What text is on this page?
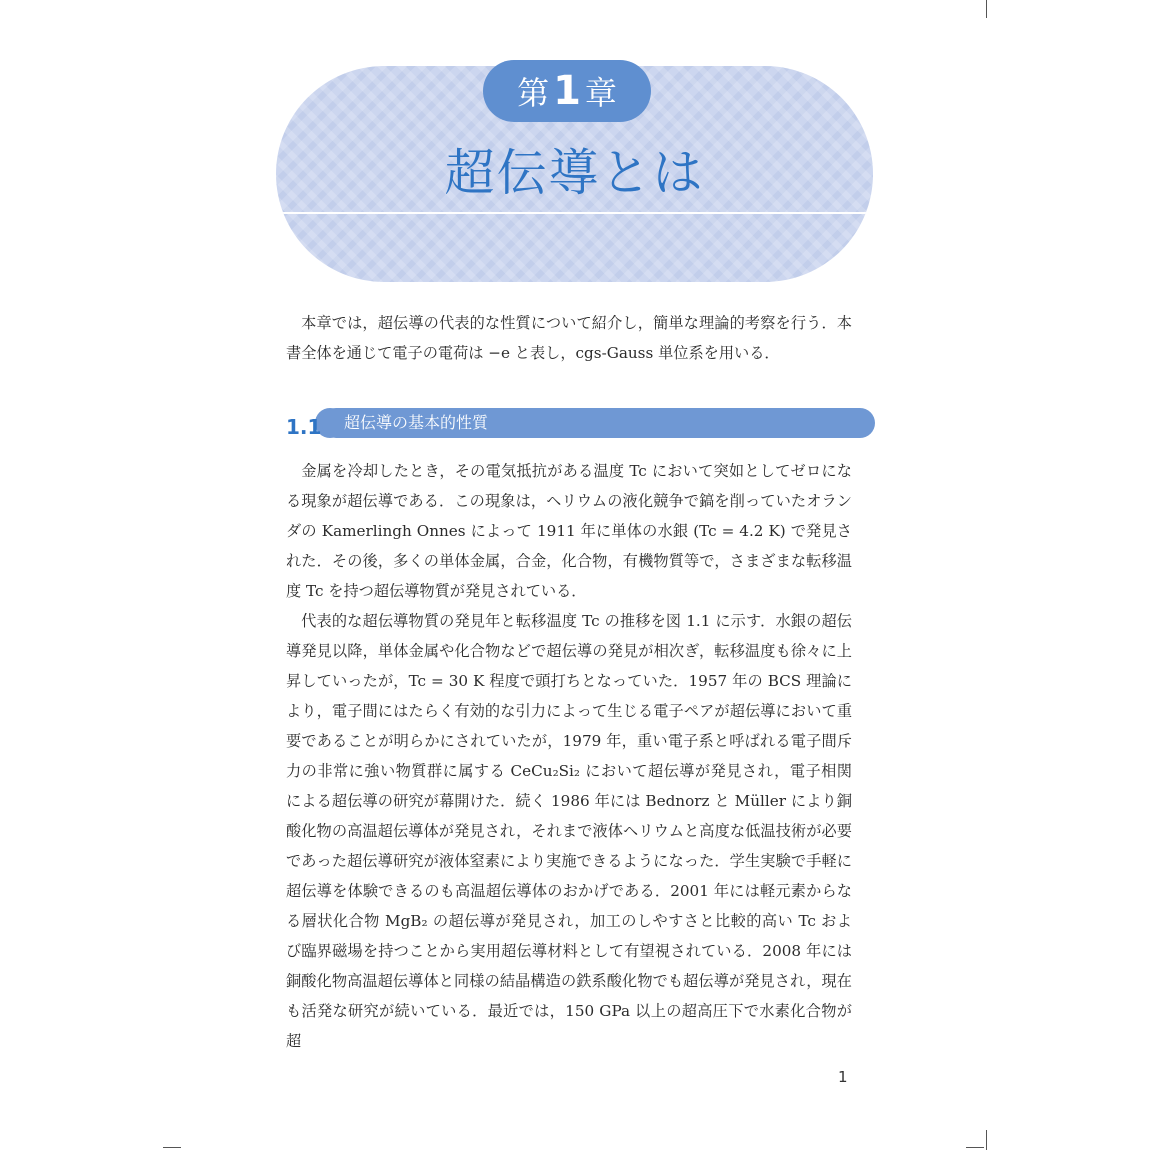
第 1 章
超伝導とは
本章では，超伝導の代表的な性質について紹介し，簡単な理論的考察を行う．本書全体を通じて電子の電荷は −e と表し，cgs-Gauss 単位系を用いる．
1.1 超伝導の基本的性質
金属を冷却したとき，その電気抵抗がある温度 Tc において突如としてゼロになる現象が超伝導である．この現象は，ヘリウムの液化競争で鎬を削っていたオランダの Kamerlingh Onnes によって 1911 年に単体の水銀 (Tc = 4.2 K) で発見された．その後，多くの単体金属，合金，化合物，有機物質等で，さまざまな転移温度 Tc を持つ超伝導物質が発見されている．
代表的な超伝導物質の発見年と転移温度 Tc の推移を図 1.1 に示す．水銀の超伝導発見以降，単体金属や化合物などで超伝導の発見が相次ぎ，転移温度も徐々に上昇していったが，Tc = 30 K 程度で頭打ちとなっていた．1957 年の BCS 理論により，電子間にはたらく有効的な引力によって生じる電子ペアが超伝導において重要であることが明らかにされていたが，1979 年，重い電子系と呼ばれる電子間斥力の非常に強い物質群に属する CeCu₂Si₂ において超伝導が発見され，電子相関による超伝導の研究が幕開けた．続く 1986 年には Bednorz と Müller により銅酸化物の高温超伝導体が発見され，それまで液体ヘリウムと高度な低温技術が必要であった超伝導研究が液体窒素により実施できるようになった．学生実験で手軽に超伝導を体験できるのも高温超伝導体のおかげである．2001 年には軽元素からなる層状化合物 MgB₂ の超伝導が発見され，加工のしやすさと比較的高い Tc および臨界磁場を持つことから実用超伝導材料として有望視されている．2008 年には銅酸化物高温超伝導体と同様の結晶構造の鉄系酸化物でも超伝導が発見され，現在も活発な研究が続いている．最近では，150 GPa 以上の超高圧下で水素化合物が超
1
